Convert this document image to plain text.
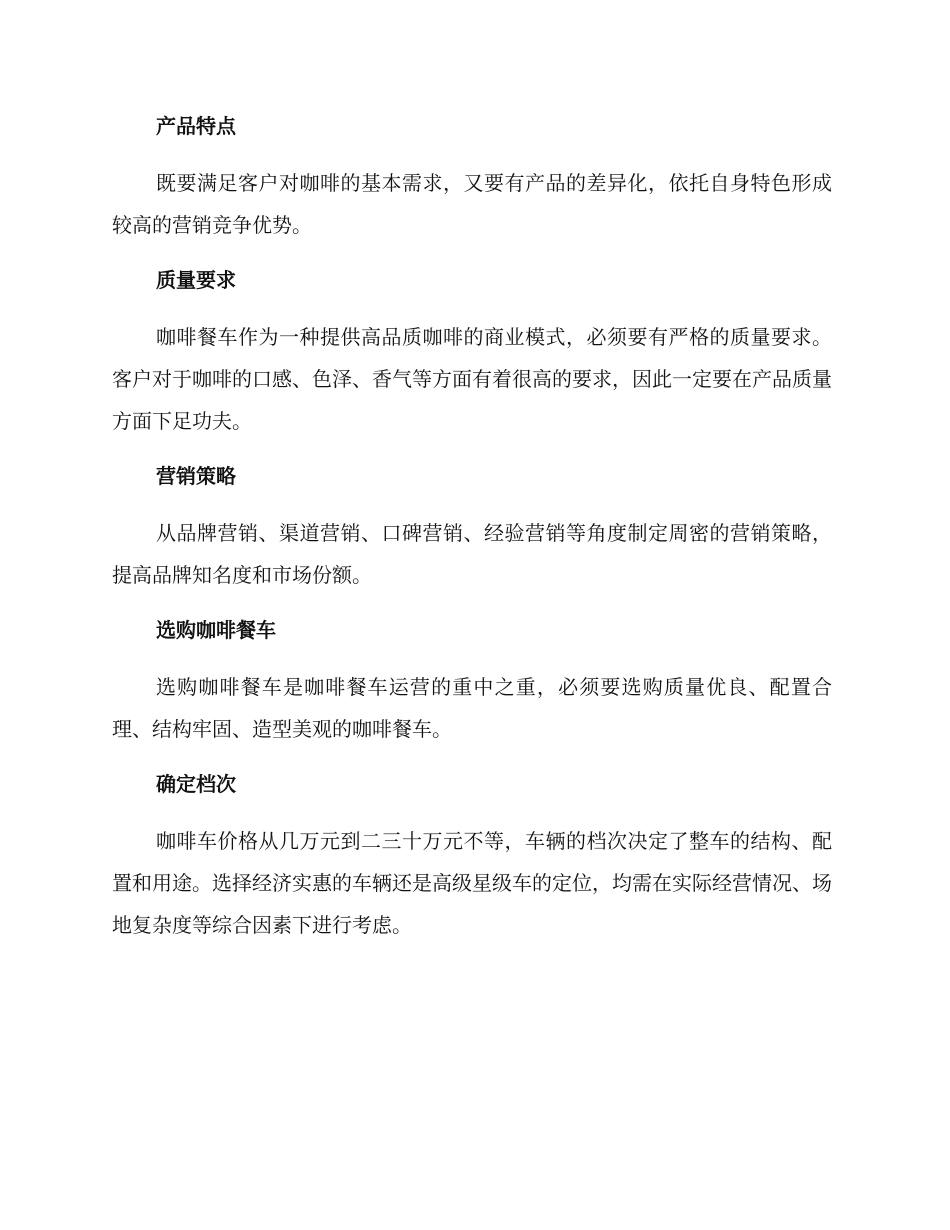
产品特点

既要满足客户对咖啡的基本需求，又要有产品的差异化，依托自身特色形成较高的营销竞争优势。

质量要求

咖啡餐车作为一种提供高品质咖啡的商业模式，必须要有严格的质量要求。客户对于咖啡的口感、色泽、香气等方面有着很高的要求，因此一定要在产品质量方面下足功夫。

营销策略

从品牌营销、渠道营销、口碑营销、经验营销等角度制定周密的营销策略，提高品牌知名度和市场份额。

选购咖啡餐车

选购咖啡餐车是咖啡餐车运营的重中之重，必须要选购质量优良、配置合理、结构牢固、造型美观的咖啡餐车。

确定档次

咖啡车价格从几万元到二三十万元不等，车辆的档次决定了整车的结构、配置和用途。选择经济实惠的车辆还是高级星级车的定位，均需在实际经营情况、场地复杂度等综合因素下进行考虑。
